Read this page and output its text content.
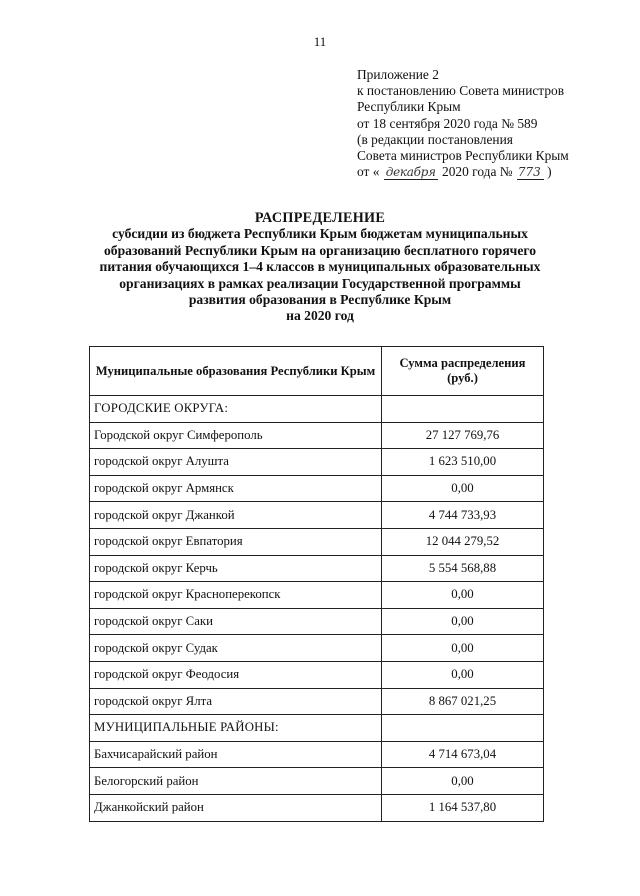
11
Приложение 2
к постановлению Совета министров
Республики Крым
от 18 сентября 2020 года № 589
(в редакции постановления
Совета министров Республики Крым
от « декабря 2020 года № 773 )
РАСПРЕДЕЛЕНИЕ
субсидии из бюджета Республики Крым бюджетам муниципальных
образований Республики Крым на организацию бесплатного горячего
питания обучающихся 1–4 классов в муниципальных образовательных
организациях в рамках реализации Государственной программы
развития образования в Республике Крым
на 2020 год
Муниципальные образования Республики Крым	Сумма распределения (руб.)
ГОРОДСКИЕ ОКРУГА:	
Городской округ Симферополь	27 127 769,76
городской округ Алушта	1 623 510,00
городской округ Армянск	0,00
городской округ Джанкой	4 744 733,93
городской округ Евпатория	12 044 279,52
городской округ Керчь	5 554 568,88
городской округ Красноперекопск	0,00
городской округ Саки	0,00
городской округ Судак	0,00
городской округ Феодосия	0,00
городской округ Ялта	8 867 021,25
МУНИЦИПАЛЬНЫЕ РАЙОНЫ:	
Бахчисарайский район	4 714 673,04
Белогорский район	0,00
Джанкойский район	1 164 537,80
